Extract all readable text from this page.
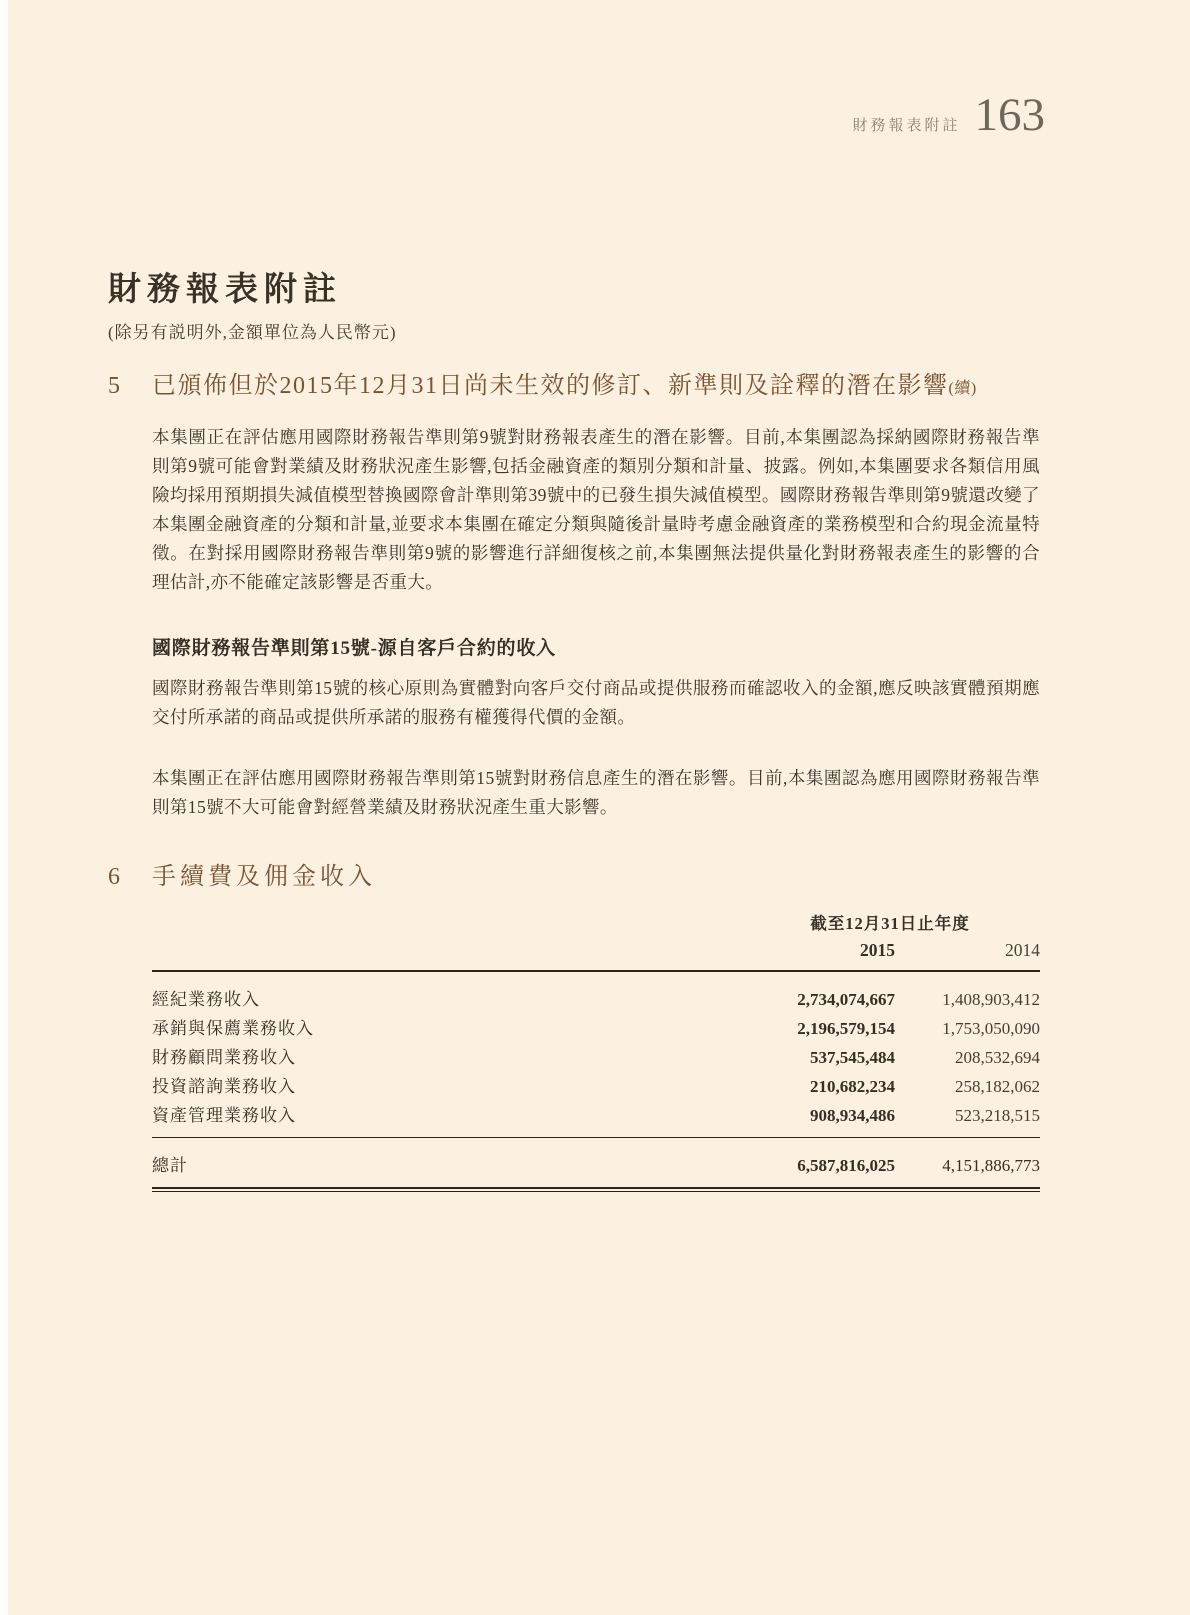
財務報表附註 163
財務報表附註
(除另有説明外,金額單位為人民幣元)
5	已頒佈但於2015年12月31日尚未生效的修訂、新準則及詮釋的潛在影響(續)

本集團正在評估應用國際財務報告準則第9號對財務報表產生的潛在影響。目前,本集團認為採納國際財務報告準則第9號可能會對業績及財務狀況產生影響,包括金融資產的類別分類和計量、披露。例如,本集團要求各類信用風險均採用預期損失減值模型替換國際會計準則第39號中的已發生損失減值模型。國際財務報告準則第9號還改變了本集團金融資產的分類和計量,並要求本集團在確定分類與隨後計量時考慮金融資產的業務模型和合約現金流量特徵。在對採用國際財務報告準則第9號的影響進行詳細復核之前,本集團無法提供量化對財務報表產生的影響的合理估計,亦不能確定該影響是否重大。

國際財務報告準則第15號-源自客戶合約的收入

國際財務報告準則第15號的核心原則為實體對向客戶交付商品或提供服務而確認收入的金額,應反映該實體預期應交付所承諾的商品或提供所承諾的服務有權獲得代價的金額。

本集團正在評估應用國際財務報告準則第15號對財務信息產生的潛在影響。目前,本集團認為應用國際財務報告準則第15號不大可能會對經營業績及財務狀況產生重大影響。

6	手續費及佣金收入
截至12月31日止年度
2015	2014
經紀業務收入	2,734,074,667	1,408,903,412
承銷與保薦業務收入	2,196,579,154	1,753,050,090
財務顧問業務收入	537,545,484	208,532,694
投資諮詢業務收入	210,682,234	258,182,062
資產管理業務收入	908,934,486	523,218,515
總計	6,587,816,025	4,151,886,773
